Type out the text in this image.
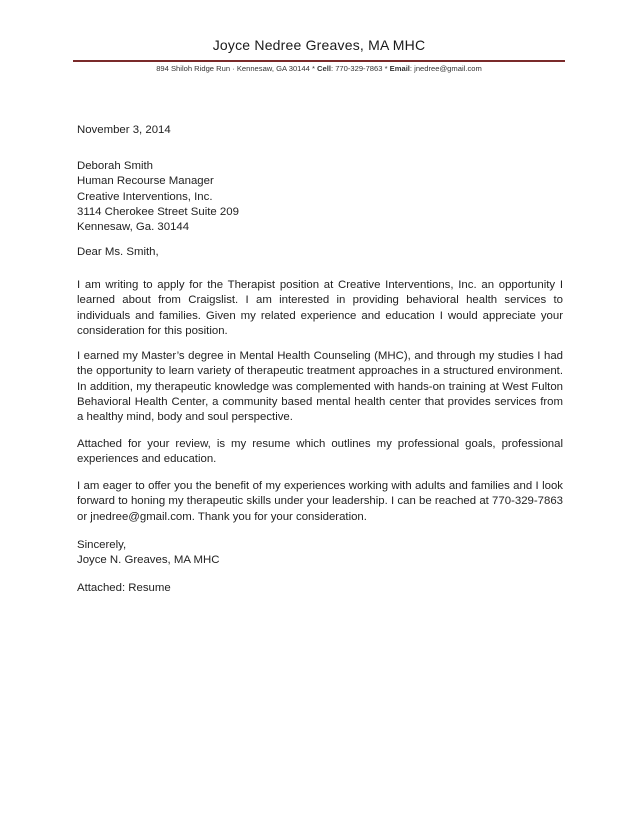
Joyce Nedree Greaves, MA MHC
894 Shiloh Ridge Run · Kennesaw, GA 30144 * Cell: 770-329-7863 * Email: jnedree@gmail.com
November 3, 2014
Deborah Smith
Human Recourse Manager
Creative Interventions, Inc.
3114 Cherokee Street Suite 209
Kennesaw, Ga. 30144
Dear Ms. Smith,

I am writing to apply for the Therapist position at Creative Interventions, Inc. an opportunity I learned about from Craigslist. I am interested in providing behavioral health services to individuals and families. Given my related experience and education I would appreciate your consideration for this position.

I earned my Master’s degree in Mental Health Counseling (MHC), and through my studies I had the opportunity to learn variety of therapeutic treatment approaches in a structured environment. In addition, my therapeutic knowledge was complemented with hands-on training at West Fulton Behavioral Health Center, a community based mental health center that provides services from a healthy mind, body and soul perspective.

Attached for your review, is my resume which outlines my professional goals, professional experiences and education.

I am eager to offer you the benefit of my experiences working with adults and families and I look forward to honing my therapeutic skills under your leadership. I can be reached at 770-329-7863 or jnedree@gmail.com. Thank you for your consideration.

Sincerely,
Joyce N. Greaves, MA MHC
Attached: Resume
